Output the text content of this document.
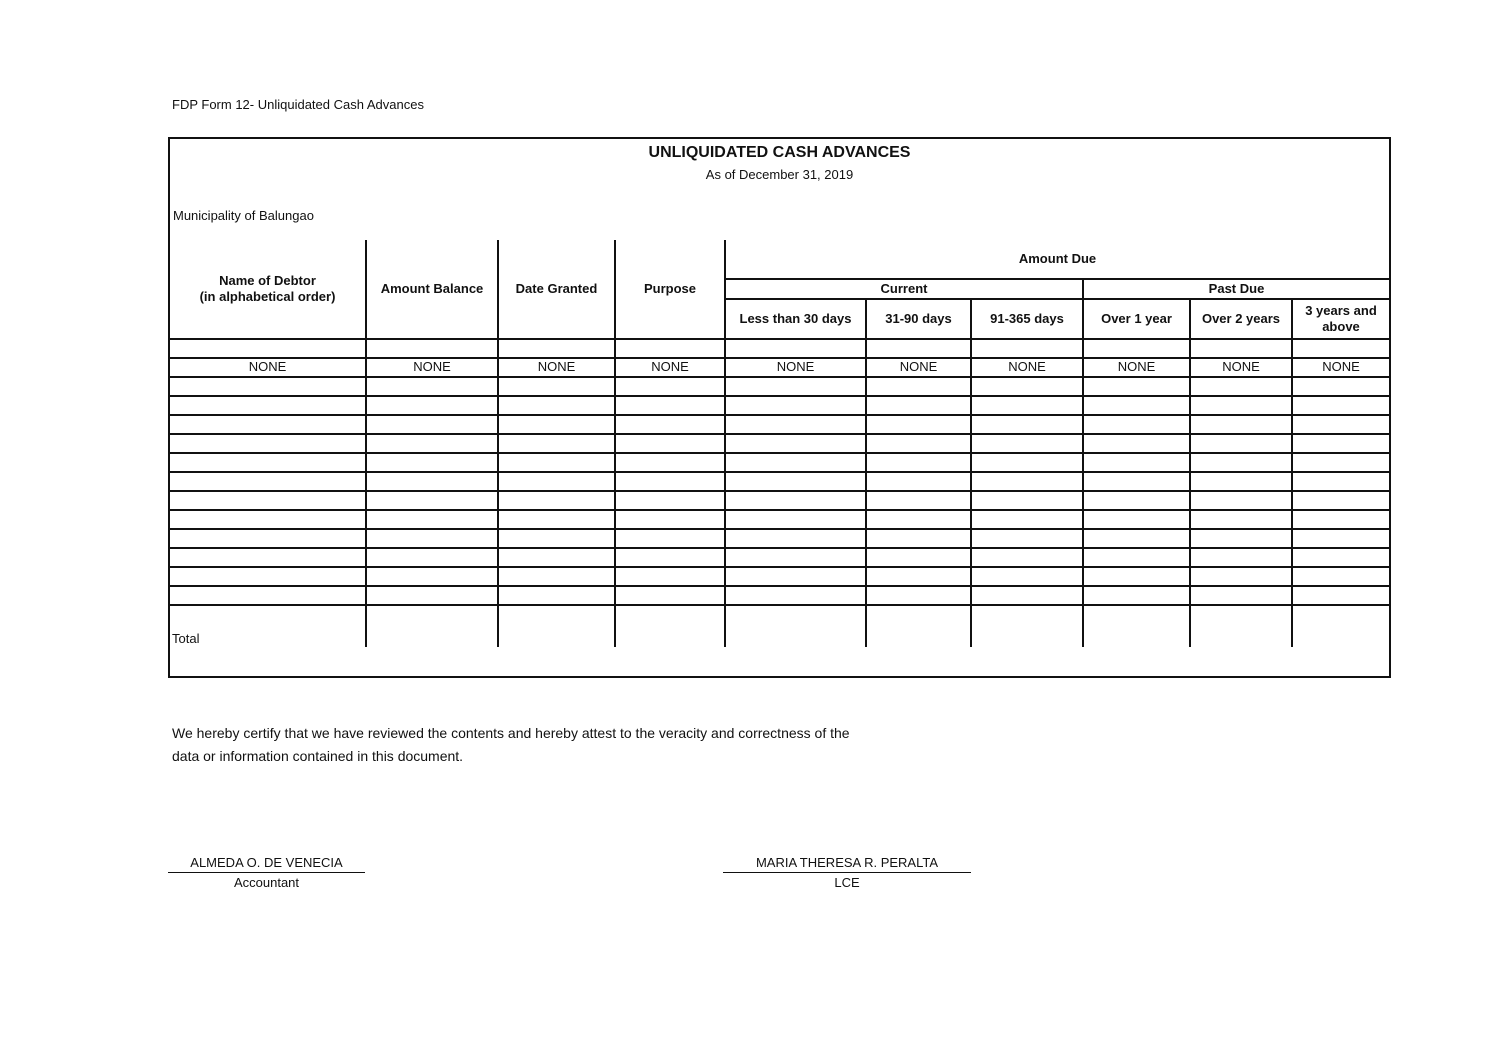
FDP Form 12- Unliquidated Cash Advances
UNLIQUIDATED CASH ADVANCES
As of December 31, 2019
Municipality of Balungao
Name of Debtor
(in alphabetical order)	Amount Balance	Date Granted	Purpose	Amount Due					
				Current			Past Due		
				Less than 30 days	31-90 days	91-365 days	Over 1 year	Over 2 years	3 years and above

NONE	NONE	NONE	NONE	NONE	NONE	NONE	NONE	NONE	NONE

Total									
We hereby certify that we have reviewed the contents and hereby attest to the veracity and correctness of the data or information contained in this document.
ALMEDA O. DE VENECIA
Accountant
MARIA THERESA R. PERALTA
LCE
